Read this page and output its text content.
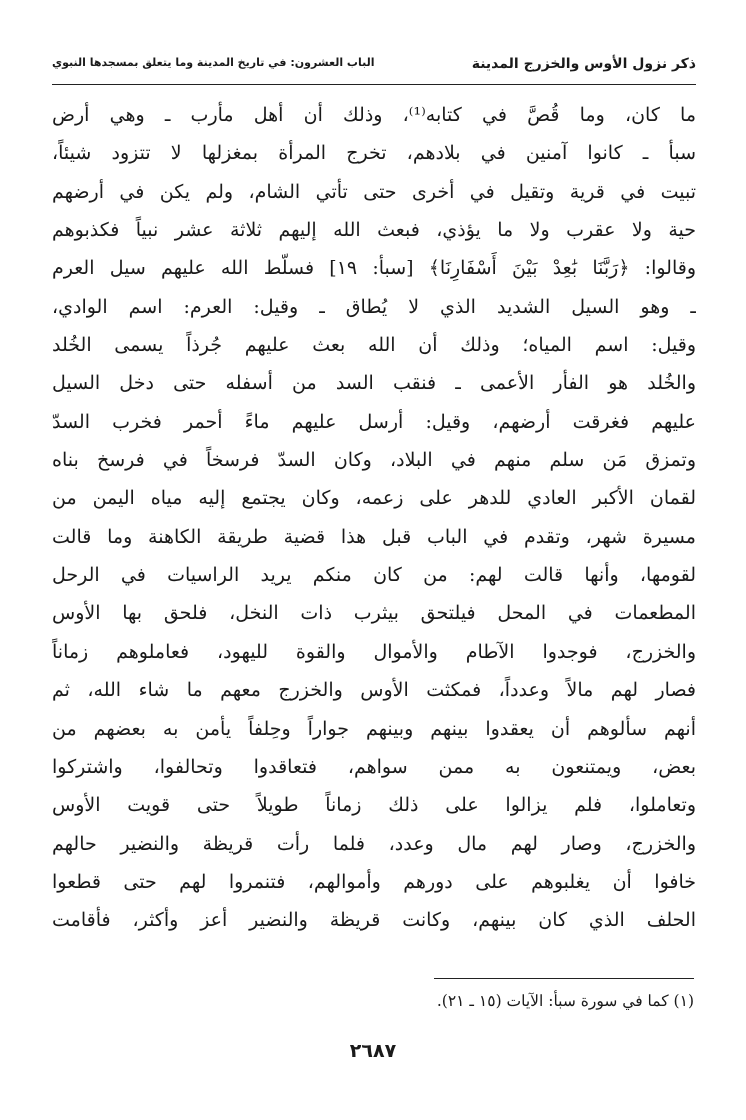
ذكر نزول الأوس والخزرج المدينة
الباب العشرون: في تاريخ المدينة وما يتعلق بمسجدها النبوي
ما كان، وما قُصَّ في كتابه⁽¹⁾، وذلك أن أهل مأرب ـ وهي أرض
سبأ ـ كانوا آمنين في بلادهم، تخرج المرأة بمغزلها لا تتزود شيئاً،
تبيت في قرية وتقيل في أخرى حتى تأتي الشام، ولم يكن في أرضهم
حية ولا عقرب ولا ما يؤذي، فبعث الله إليهم ثلاثة عشر نبياً فكذبوهم
وقالوا: ﴿رَبَّنَا بَٰعِدْ بَيْنَ أَسْفَارِنَا﴾ [سبأ: ١٩] فسلّط الله عليهم سيل العرم
ـ وهو السيل الشديد الذي لا يُطاق ـ وقيل: العرم: اسم الوادي،
وقيل: اسم المياه؛ وذلك أن الله بعث عليهم جُرذاً يسمى الخُلد
والخُلد هو الفأر الأعمى ـ فنقب السد من أسفله حتى دخل السيل
عليهم فغرقت أرضهم، وقيل: أرسل عليهم ماءً أحمر فخرب السدّ
وتمزق مَن سلم منهم في البلاد، وكان السدّ فرسخاً في فرسخ بناه
لقمان الأكبر العادي للدهر على زعمه، وكان يجتمع إليه مياه اليمن من
مسيرة شهر، وتقدم في الباب قبل هذا قضية طريقة الكاهنة وما قالت
لقومها، وأنها قالت لهم: من كان منكم يريد الراسيات في الرحل
المطعمات في المحل فيلتحق بيثرب ذات النخل، فلحق بها الأوس
والخزرج، فوجدوا الآطام والأموال والقوة لليهود، فعاملوهم زماناً
فصار لهم مالاً وعدداً، فمكثت الأوس والخزرج معهم ما شاء الله، ثم
أنهم سألوهم أن يعقدوا بينهم وبينهم جواراً وحِلفاً يأمن به بعضهم من
بعض، ويمتنعون به ممن سواهم، فتعاقدوا وتحالفوا، واشتركوا
وتعاملوا، فلم يزالوا على ذلك زماناً طويلاً حتى قويت الأوس
والخزرج، وصار لهم مال وعدد، فلما رأت قريظة والنضير حالهم
خافوا أن يغلبوهم على دورهم وأموالهم، فتنمروا لهم حتى قطعوا
الحلف الذي كان بينهم، وكانت قريظة والنضير أعز وأكثر، فأقامت
(١) كما في سورة سبأ: الآيات (١٥ ـ ٢١).
٢٦٨٧
